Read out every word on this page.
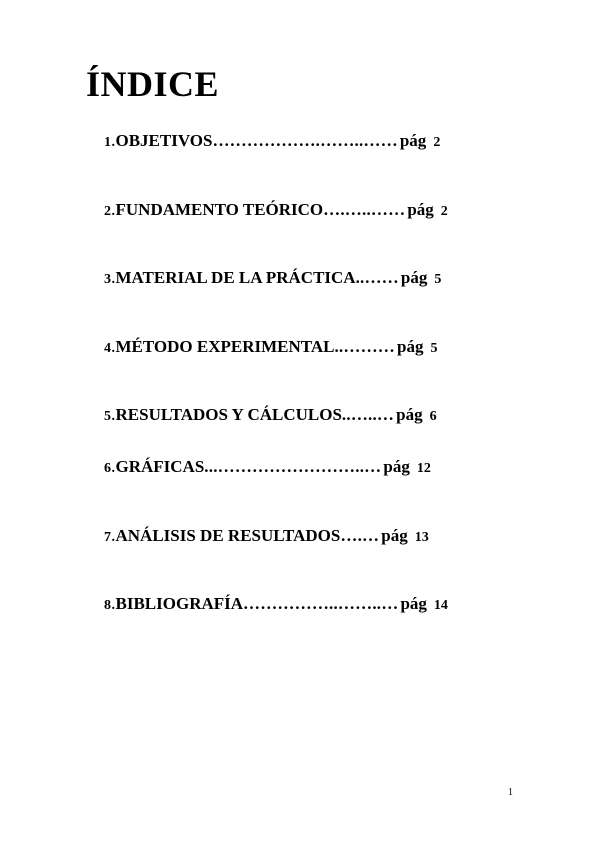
ÍNDICE
1.OBJETIVOS……………….……..…… pág 2
2.FUNDAMENTO TEÓRICO….…..…… pág 2
3.MATERIAL DE LA PRÁCTICA..…… pág 5
4.MÉTODO EXPERIMENTAL..……… pág 5
5.RESULTADOS Y CÁLCULOS..…..… pág 6
6.GRÁFICAS...……………………..… pág 12
7.ANÁLISIS DE RESULTADOS….… pág 13
8.BIBLIOGRAFÍA……………..……..… pág 14
1
